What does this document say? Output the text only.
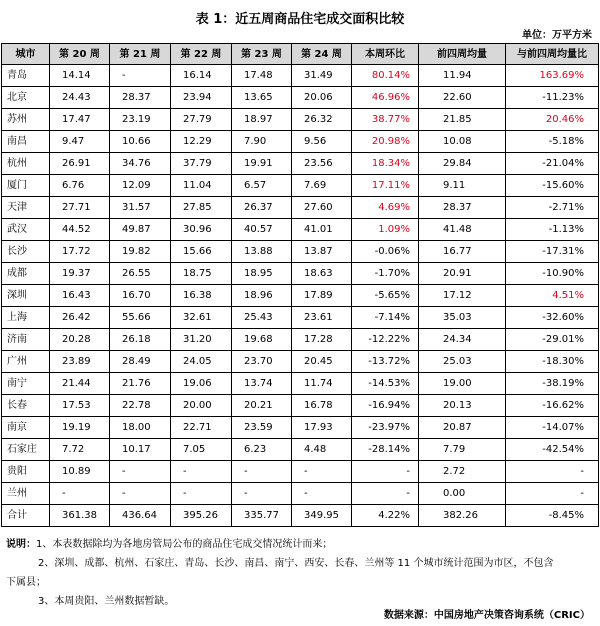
表 1：近五周商品住宅成交面积比较
单位：万平方米
城市	第 20 周	第 21 周	第 22 周	第 23 周	第 24 周	本周环比	前四周均量	与前四周均量比
青岛	14.14	-	16.14	17.48	31.49	80.14%	11.94	163.69%
北京	24.43	28.37	23.94	13.65	20.06	46.96%	22.60	-11.23%
苏州	17.47	23.19	27.79	18.97	26.32	38.77%	21.85	20.46%
南昌	9.47	10.66	12.29	7.90	9.56	20.98%	10.08	-5.18%
杭州	26.91	34.76	37.79	19.91	23.56	18.34%	29.84	-21.04%
厦门	6.76	12.09	11.04	6.57	7.69	17.11%	9.11	-15.60%
天津	27.71	31.57	27.85	26.37	27.60	4.69%	28.37	-2.71%
武汉	44.52	49.87	30.96	40.57	41.01	1.09%	41.48	-1.13%
长沙	17.72	19.82	15.66	13.88	13.87	-0.06%	16.77	-17.31%
成都	19.37	26.55	18.75	18.95	18.63	-1.70%	20.91	-10.90%
深圳	16.43	16.70	16.38	18.96	17.89	-5.65%	17.12	4.51%
上海	26.42	55.66	32.61	25.43	23.61	-7.14%	35.03	-32.60%
济南	20.28	26.18	31.20	19.68	17.28	-12.22%	24.34	-29.01%
广州	23.89	28.49	24.05	23.70	20.45	-13.72%	25.03	-18.30%
南宁	21.44	21.76	19.06	13.74	11.74	-14.53%	19.00	-38.19%
长春	17.53	22.78	20.00	20.21	16.78	-16.94%	20.13	-16.62%
南京	19.19	18.00	22.71	23.59	17.93	-23.97%	20.87	-14.07%
石家庄	7.72	10.17	7.05	6.23	4.48	-28.14%	7.79	-42.54%
贵阳	10.89	-	-	-	-	-	2.72	-
兰州	-	-	-	-	-	-	0.00	-
合计	361.38	436.64	395.26	335.77	349.95	4.22%	382.26	-8.45%
说明：1、本表数据除均为各地房管局公布的商品住宅成交情况统计而来；
2、深圳、成都、杭州、石家庄、青岛、长沙、南昌、南宁、西安、长春、兰州等 11 个城市统计范围为市区，不包含
下属县；
3、本周贵阳、兰州数据暂缺。
数据来源：中国房地产决策咨询系统（CRIC）
